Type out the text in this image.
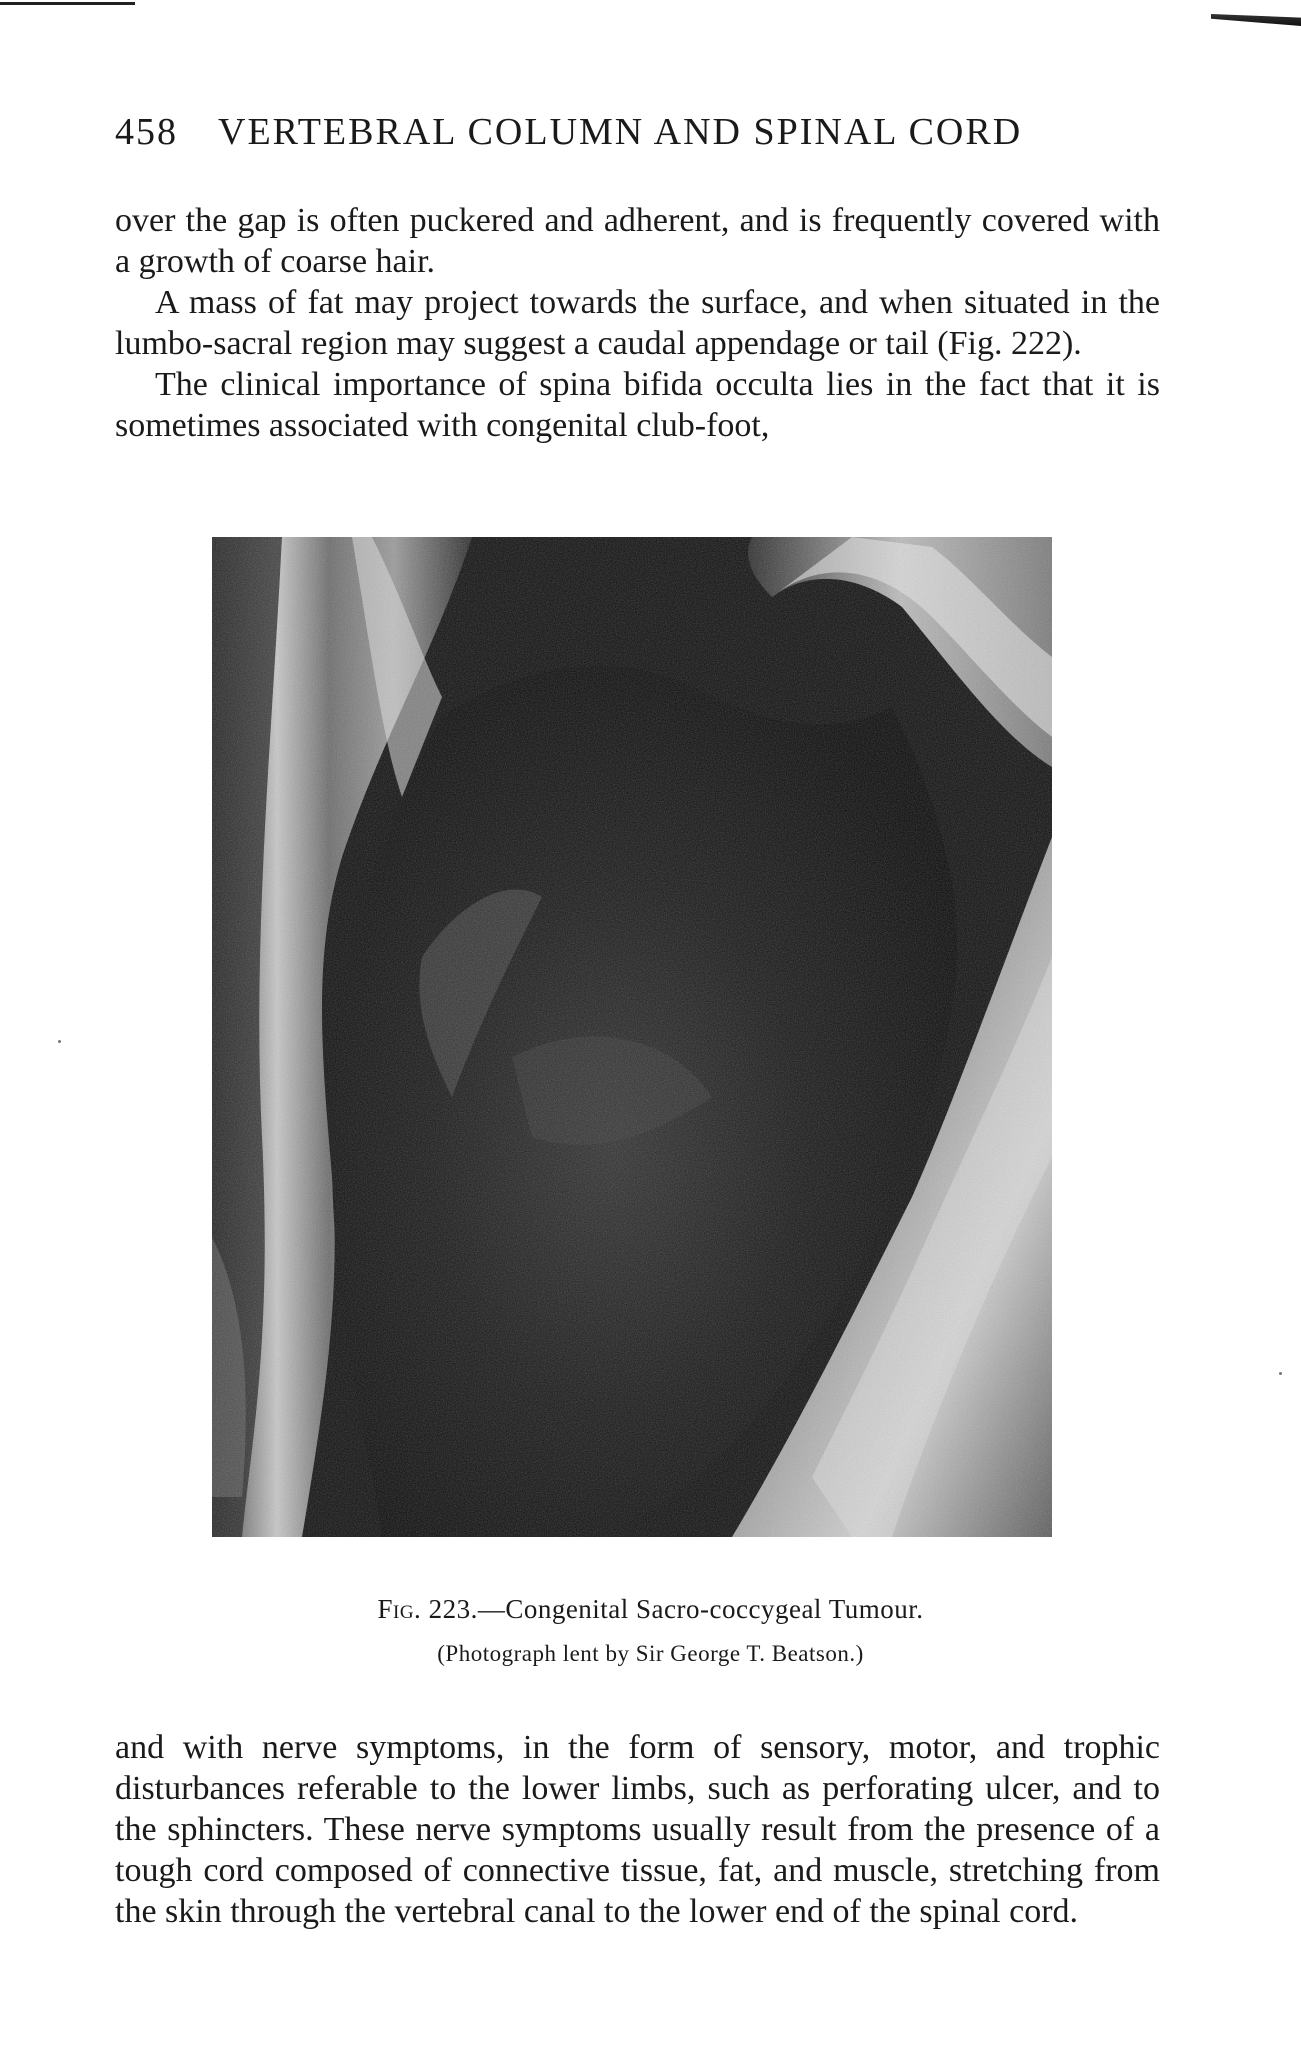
458 VERTEBRAL COLUMN AND SPINAL CORD

over the gap is often puckered and adherent, and is frequently covered with a growth of coarse hair.

A mass of fat may project towards the surface, and when situated in the lumbo-sacral region may suggest a caudal appendage or tail (Fig. 222).

The clinical importance of spina bifida occulta lies in the fact that it is sometimes associated with congenital club-foot,

Fig. 223.—Congenital Sacro-coccygeal Tumour.
(Photograph lent by Sir George T. Beatson.)

and with nerve symptoms, in the form of sensory, motor, and trophic disturbances referable to the lower limbs, such as perforating ulcer, and to the sphincters. These nerve symptoms usually result from the presence of a tough cord composed of connective tissue, fat, and muscle, stretching from the skin through the vertebral canal to the lower end of the spinal cord.
